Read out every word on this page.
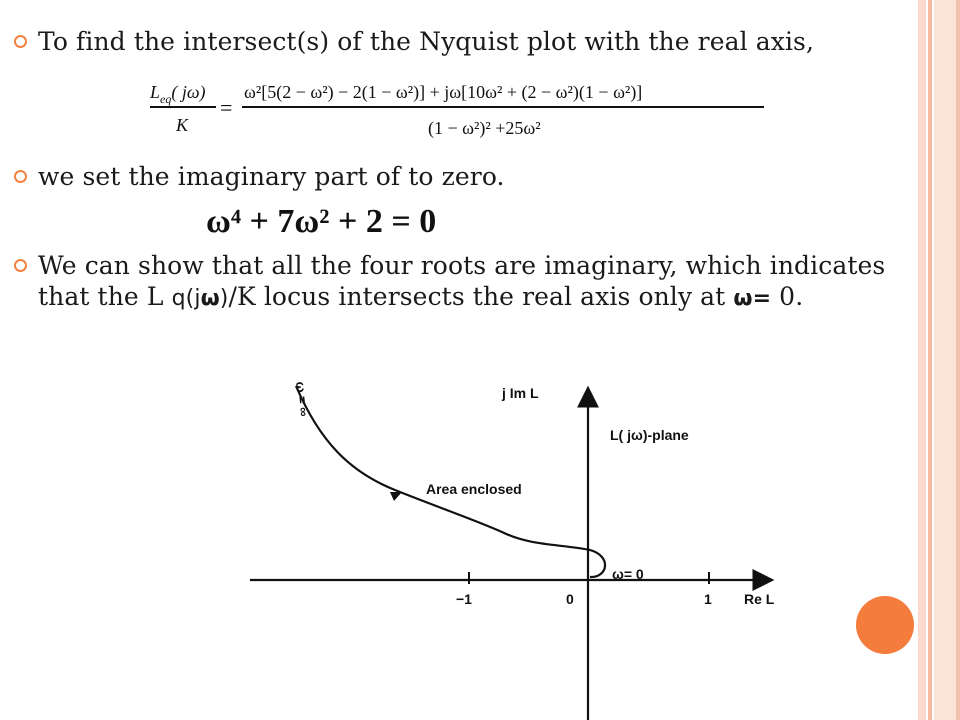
To find the intersect(s) of the Nyquist plot with the real axis,
$L_{eq}$( jω)
K
=
ω²[5(2 − ω²) − 2(1 − ω²)] + jω[10ω² + (2 − ω²)(1 − ω²)]
(1 − ω²)² +25ω²
we set the imaginary part of to zero.
ω⁴ + 7ω² + 2 = 0
We can show that all the four roots are imaginary, which indicates that the L q(jω)/K locus intersects the real axis only at ω= 0.
j Im L
L( jω)-plane
Area enclosed
ω= 0
ω = ∞
−1	0	1 Re L
